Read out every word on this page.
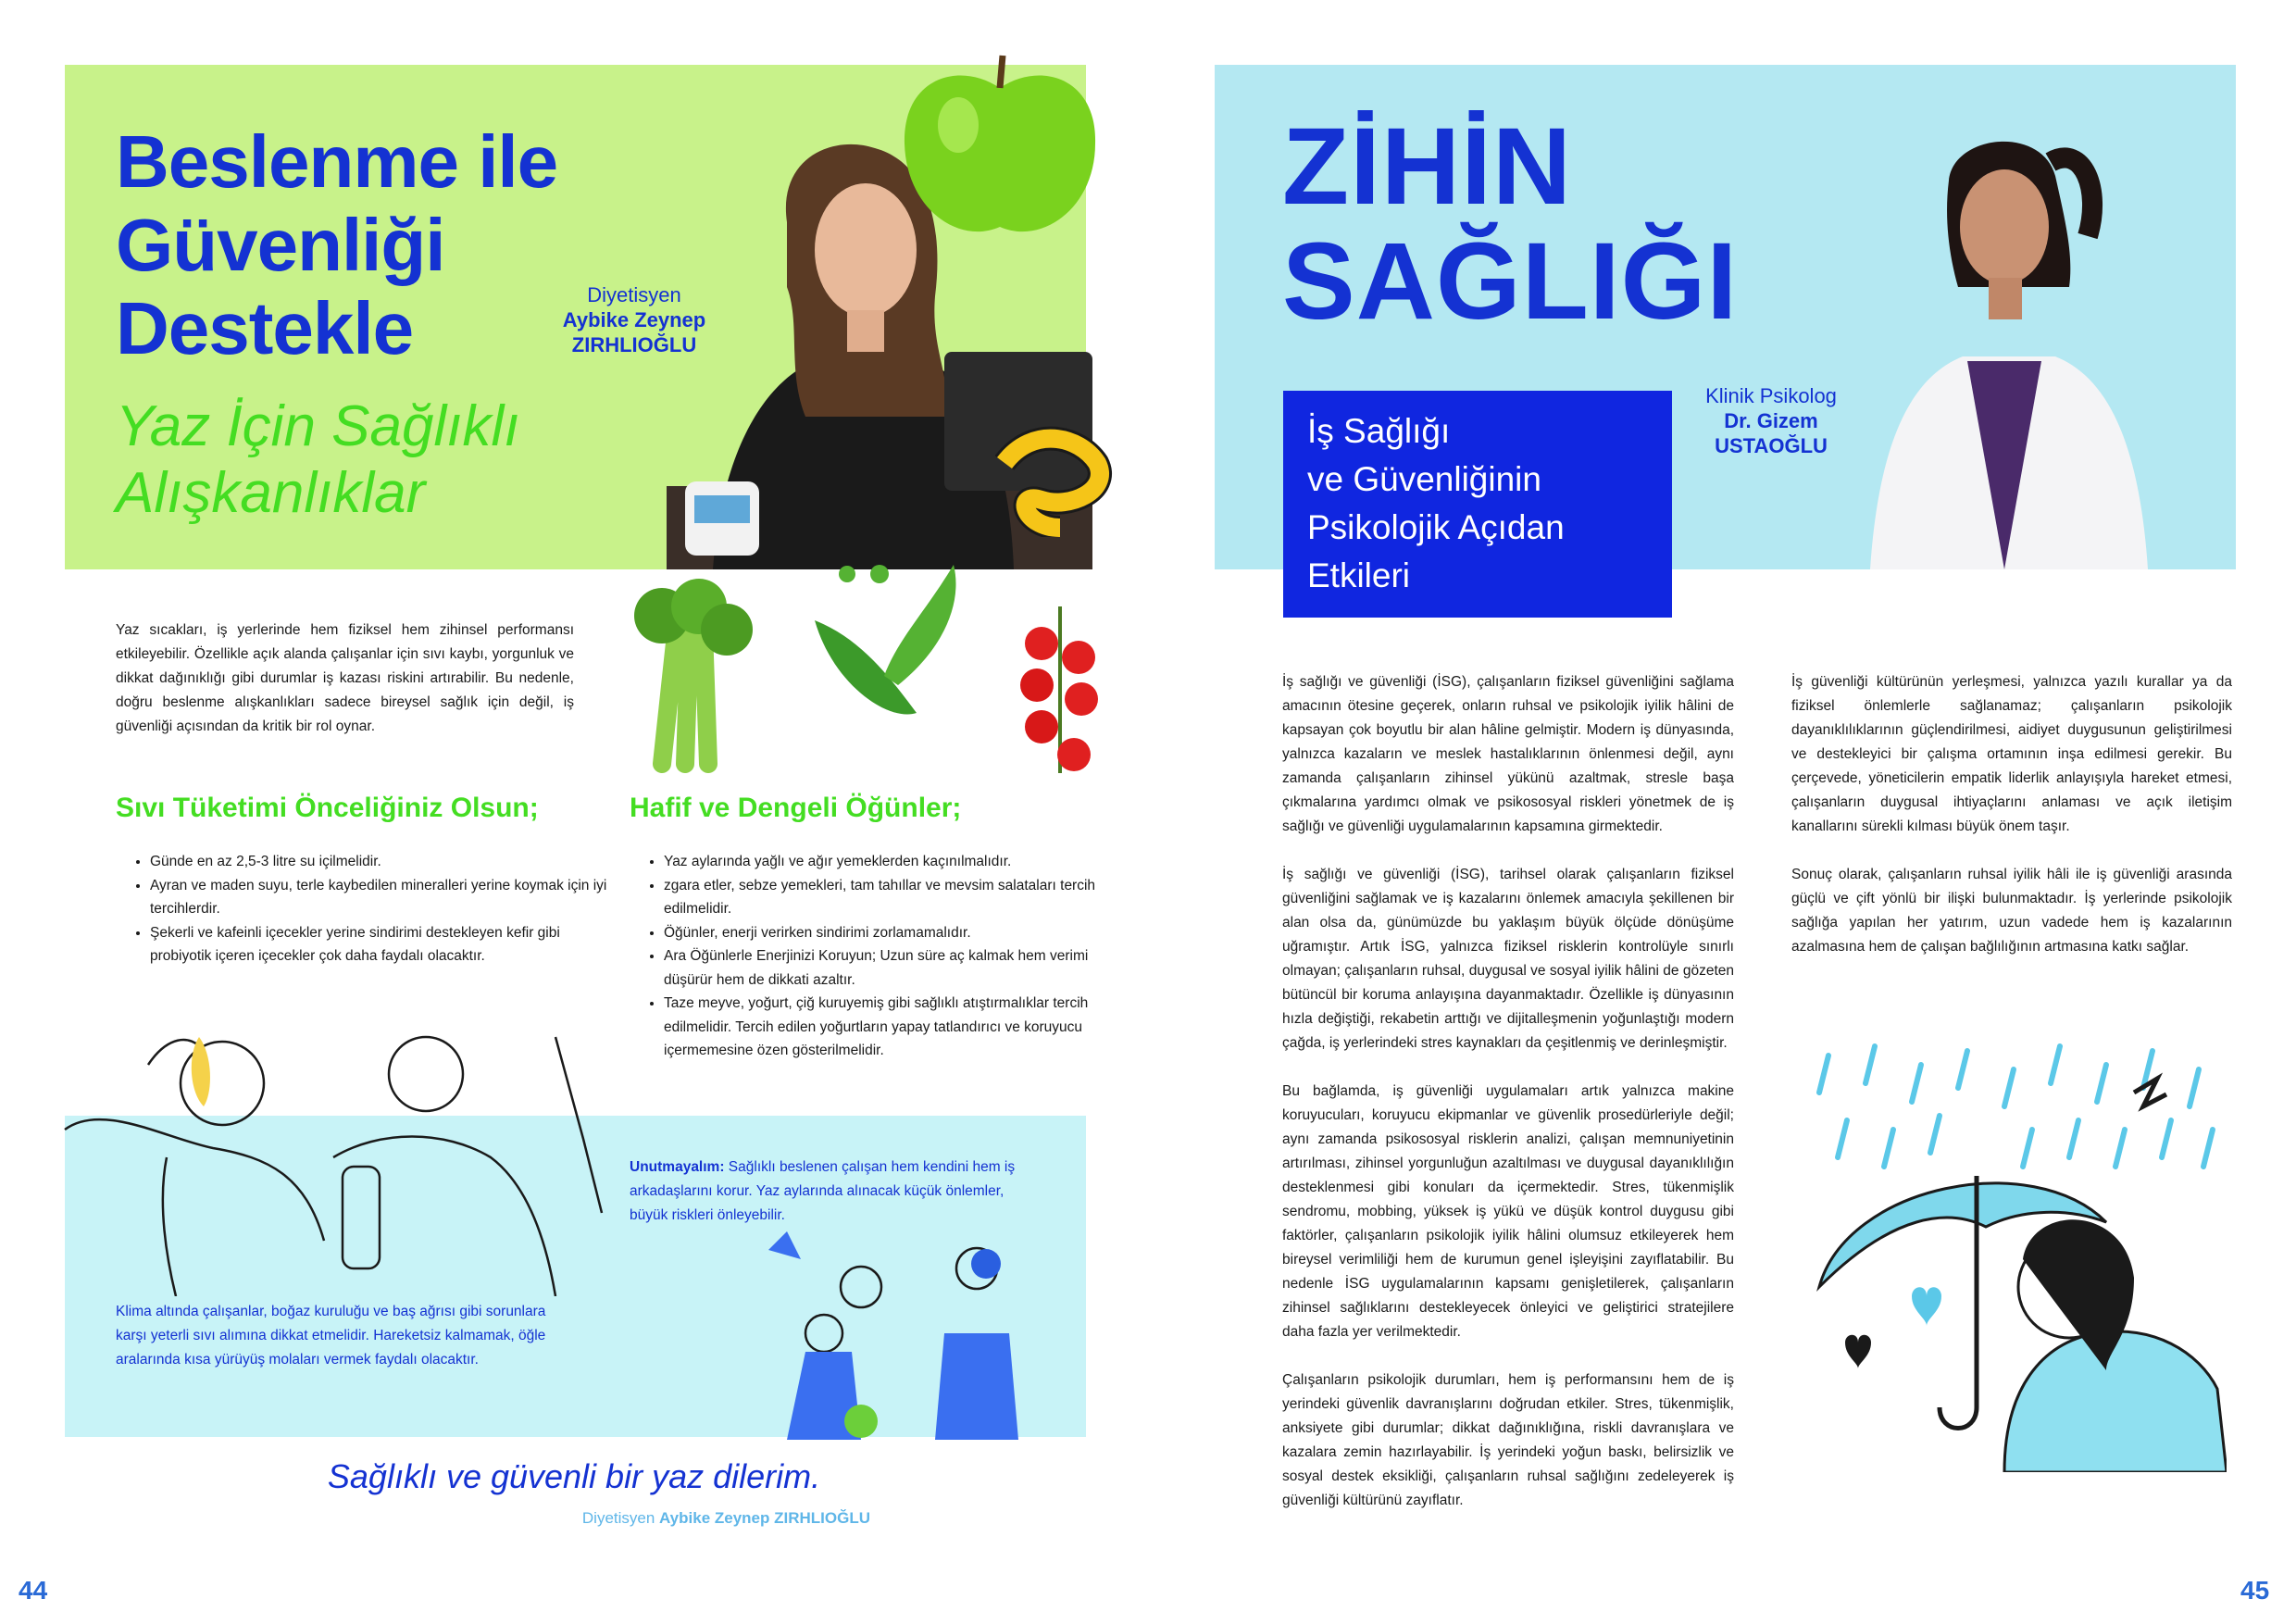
Beslenme ile
Güvenliği
Destekle
Yaz İçin Sağlıklı
Alışkanlıklar
Diyetisyen
Aybike Zeynep
ZIRHLIOĞLU
Yaz sıcakları, iş yerlerinde hem fiziksel hem zihinsel performansı etkileyebilir. Özellikle açık alanda çalışanlar için sıvı kaybı, yorgunluk ve dikkat dağınıklığı gibi durumlar iş kazası riskini artırabilir. Bu nedenle, doğru beslenme alışkanlıkları sadece bireysel sağlık için değil, iş güvenliği açısından da kritik bir rol oynar.
Sıvı Tüketimi Önceliğiniz Olsun;
• Günde en az 2,5-3 litre su içilmelidir.
• Ayran ve maden suyu, terle kaybedilen mineralleri yerine koymak için iyi tercihlerdir.
• Şekerli ve kafeinli içecekler yerine sindirimi destekleyen kefir gibi probiyotik içeren içecekler çok daha faydalı olacaktır.
Hafif ve Dengeli Öğünler;
• Yaz aylarında yağlı ve ağır yemeklerden kaçınılmalıdır.
• zgara etler, sebze yemekleri, tam tahıllar ve mevsim salataları tercih edilmelidir.
• Öğünler, enerji verirken sindirimi zorlamamalıdır.
• Ara Öğünlerle Enerjinizi Koruyun; Uzun süre aç kalmak hem verimi düşürür hem de dikkati azaltır.
• Taze meyve, yoğurt, çiğ kuruyemiş gibi sağlıklı atıştırmalıklar tercih edilmelidir. Tercih edilen yoğurtların yapay tatlandırıcı ve koruyucu içermemesine özen gösterilmelidir.
Unutmayalım: Sağlıklı beslenen çalışan hem kendini hem iş arkadaşlarını korur. Yaz aylarında alınacak küçük önlemler, büyük riskleri önleyebilir.
Klima altında çalışanlar, boğaz kuruluğu ve baş ağrısı gibi sorunlara karşı yeterli sıvı alımına dikkat etmelidir. Hareketsiz kalmamak, öğle aralarında kısa yürüyüş molaları vermek faydalı olacaktır.
Sağlıklı ve güvenli bir yaz dilerim.
Diyetisyen Aybike Zeynep ZIRHLIOĞLU
44
ZİHİN
SAĞLIĞI
İş Sağlığı
ve Güvenliğinin
Psikolojik Açıdan
Etkileri
Klinik Psikolog
Dr. Gizem
USTAOĞLU

İş sağlığı ve güvenliği (İSG), çalışanların fiziksel güvenliğini sağlama amacının ötesine geçerek, onların ruhsal ve psikolojik iyilik hâlini de kapsayan çok boyutlu bir alan hâline gelmiştir. Modern iş dünyasında, yalnızca kazaların ve meslek hastalıklarının önlenmesi değil, aynı zamanda çalışanların zihinsel yükünü azaltmak, stresle başa çıkmalarına yardımcı olmak ve psikososyal riskleri yönetmek de iş sağlığı ve güvenliği uygulamalarının kapsamına girmektedir.

İş sağlığı ve güvenliği (İSG), tarihsel olarak çalışanların fiziksel güvenliğini sağlamak ve iş kazalarını önlemek amacıyla şekillenen bir alan olsa da, günümüzde bu yaklaşım büyük ölçüde dönüşüme uğramıştır. Artık İSG, yalnızca fiziksel risklerin kontrolüyle sınırlı olmayan; çalışanların ruhsal, duygusal ve sosyal iyilik hâlini de gözeten bütüncül bir koruma anlayışına dayanmaktadır. Özellikle iş dünyasının hızla değiştiği, rekabetin arttığı ve dijitalleşmenin yoğunlaştığı modern çağda, iş yerlerindeki stres kaynakları da çeşitlenmiş ve derinleşmiştir.

Bu bağlamda, iş güvenliği uygulamaları artık yalnızca makine koruyucuları, koruyucu ekipmanlar ve güvenlik prosedürleriyle değil; aynı zamanda psikososyal risklerin analizi, çalışan memnuniyetinin artırılması, zihinsel yorgunluğun azaltılması ve duygusal dayanıklılığın desteklenmesi gibi konuları da içermektedir. Stres, tükenmişlik sendromu, mobbing, yüksek iş yükü ve düşük kontrol duygusu gibi faktörler, çalışanların psikolojik iyilik hâlini olumsuz etkileyerek hem bireysel verimliliği hem de kurumun genel işleyişini zayıflatabilir. Bu nedenle İSG uygulamalarının kapsamı genişletilerek, çalışanların zihinsel sağlıklarını destekleyecek önleyici ve geliştirici stratejilere daha fazla yer verilmektedir.

Çalışanların psikolojik durumları, hem iş performansını hem de iş yerindeki güvenlik davranışlarını doğrudan etkiler. Stres, tükenmişlik, anksiyete gibi durumlar; dikkat dağınıklığına, riskli davranışlara ve kazalara zemin hazırlayabilir. İş yerindeki yoğun baskı, belirsizlik ve sosyal destek eksikliği, çalışanların ruhsal sağlığını zedeleyerek iş güvenliği kültürünü zayıflatır.

İş güvenliği kültürünün yerleşmesi, yalnızca yazılı kurallar ya da fiziksel önlemlerle sağlanamaz; çalışanların psikolojik dayanıklılıklarının güçlendirilmesi, aidiyet duygusunun geliştirilmesi ve destekleyici bir çalışma ortamının inşa edilmesi gerekir. Bu çerçevede, yöneticilerin empatik liderlik anlayışıyla hareket etmesi, çalışanların duygusal ihtiyaçlarını anlaması ve açık iletişim kanallarını sürekli kılması büyük önem taşır.

Sonuç olarak, çalışanların ruhsal iyilik hâli ile iş güvenliği arasında güçlü ve çift yönlü bir ilişki bulunmaktadır. İş yerlerinde psikolojik sağlığa yapılan her yatırım, uzun vadede hem iş kazalarının azalmasına hem de çalışan bağlılığının artmasına katkı sağlar.

45
